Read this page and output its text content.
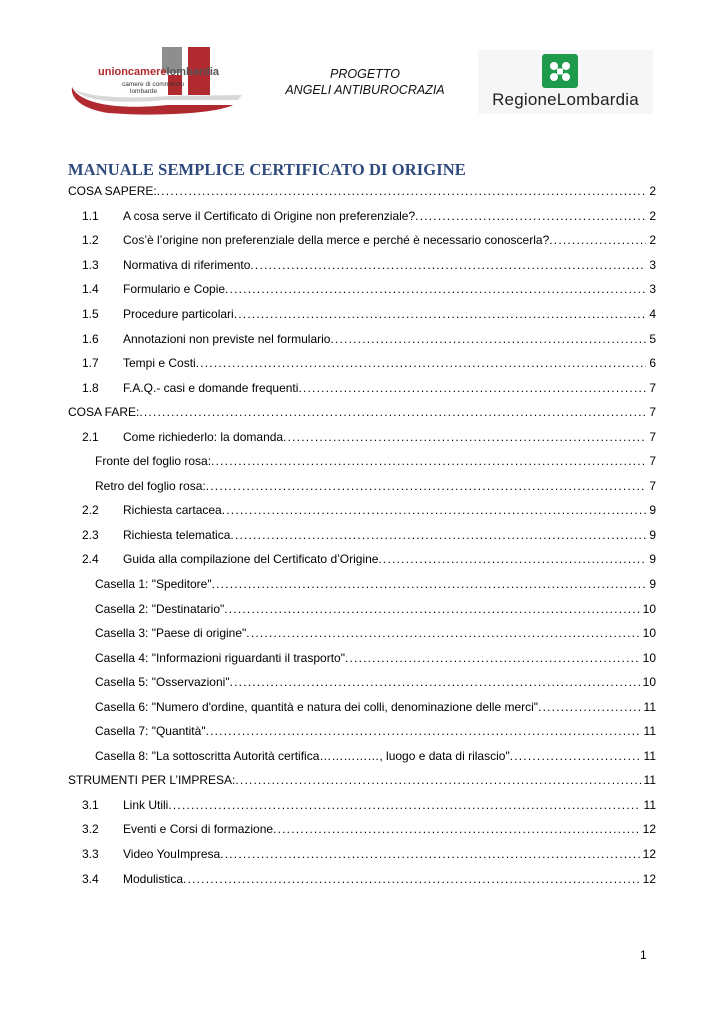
unioncamerelombardia
camere di commercio
lombarde
PROGETTO
ANGELI ANTIBUROCRAZIA	RegioneLombardia
MANUALE SEMPLICE CERTIFICATO DI ORIGINE
COSA SAPERE: .....	2
1.1	A cosa serve il Certificato di Origine non preferenziale? .....	2
1.2	Cos’è l’origine non preferenziale della merce e perché è necessario conoscerla? .....	2
1.3	Normativa di riferimento .....	3
1.4	Formulario e Copie .....	3
1.5	Procedure particolari .....	4
1.6	Annotazioni non previste nel formulario .....	5
1.7	Tempi e Costi .....	6
1.8	F.A.Q.- casi e domande frequenti .....	7
COSA FARE: .....	7
2.1	Come richiederlo: la domanda .....	7
Fronte del foglio rosa: .....	7
Retro del foglio rosa: .....	7
2.2	Richiesta cartacea .....	9
2.3	Richiesta telematica .....	9
2.4	Guida alla compilazione del Certificato d’Origine .....	9
Casella 1: "Speditore" .....	9
Casella 2: "Destinatario" .....	10
Casella 3: "Paese di origine" .....	10
Casella 4: "Informazioni riguardanti il trasporto" .....	10
Casella 5: "Osservazioni" .....	10
Casella 6: "Numero d'ordine, quantità e natura dei colli, denominazione delle merci" .....	11
Casella 7: "Quantità" .....	11
Casella 8: "La sottoscritta Autorità certifica……………, luogo e data di rilascio" .....	11
STRUMENTI PER L’IMPRESA: .....	11
3.1	Link Utili .....	11
3.2	Eventi e Corsi di formazione .....	12
3.3	Video YouImpresa .....	12
3.4	Modulistica .....	12
1
